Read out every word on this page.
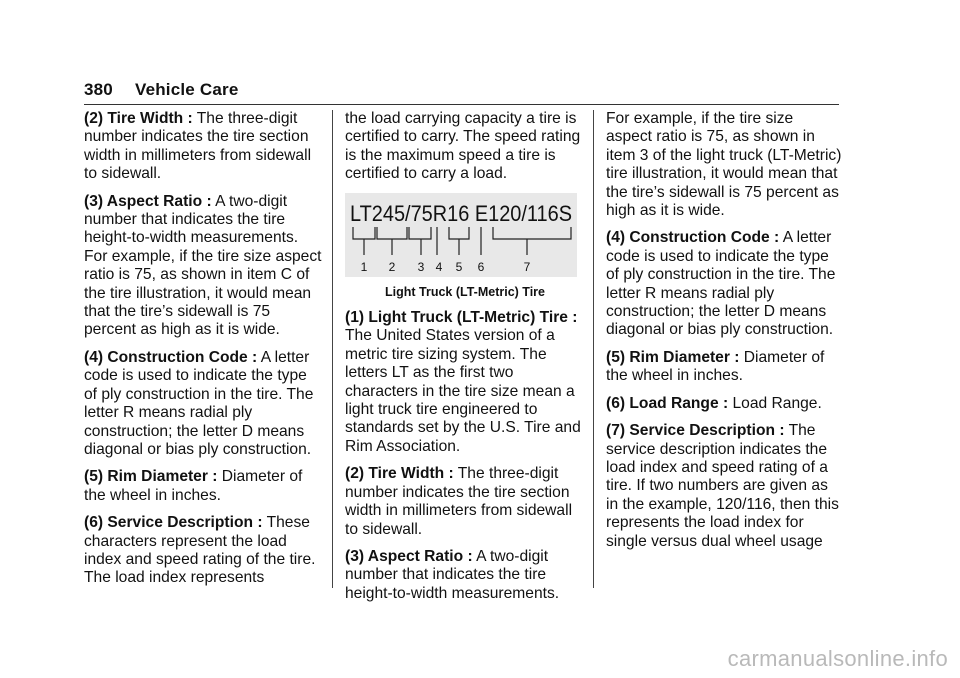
380 Vehicle Care

(2) Tire Width : The three-digit number indicates the tire section width in millimeters from sidewall to sidewall.

(3) Aspect Ratio : A two-digit number that indicates the tire height-to-width measurements. For example, if the tire size aspect ratio is 75, as shown in item C of the tire illustration, it would mean that the tire’s sidewall is 75 percent as high as it is wide.

(4) Construction Code : A letter code is used to indicate the type of ply construction in the tire. The letter R means radial ply construction; the letter D means diagonal or bias ply construction.

(5) Rim Diameter : Diameter of the wheel in inches.

(6) Service Description : These characters represent the load index and speed rating of the tire. The load index represents

the load carrying capacity a tire is certified to carry. The speed rating is the maximum speed a tire is certified to carry a load.

LT245/75R16 E120/116S
1 2 3 4 5 6	7

Light Truck (LT-Metric) Tire

(1) Light Truck (LT-Metric) Tire : The United States version of a metric tire sizing system. The letters LT as the first two characters in the tire size mean a light truck tire engineered to standards set by the U.S. Tire and Rim Association.

(2) Tire Width : The three-digit number indicates the tire section width in millimeters from sidewall to sidewall.

(3) Aspect Ratio : A two-digit number that indicates the tire height-to-width measurements.

For example, if the tire size aspect ratio is 75, as shown in item 3 of the light truck (LT-Metric) tire illustration, it would mean that the tire’s sidewall is 75 percent as high as it is wide.

(4) Construction Code : A letter code is used to indicate the type of ply construction in the tire. The letter R means radial ply construction; the letter D means diagonal or bias ply construction.

(5) Rim Diameter : Diameter of the wheel in inches.

(6) Load Range : Load Range.

(7) Service Description : The service description indicates the load index and speed rating of a tire. If two numbers are given as in the example, 120/116, then this represents the load index for single versus dual wheel usage

carmanualsonline.info
